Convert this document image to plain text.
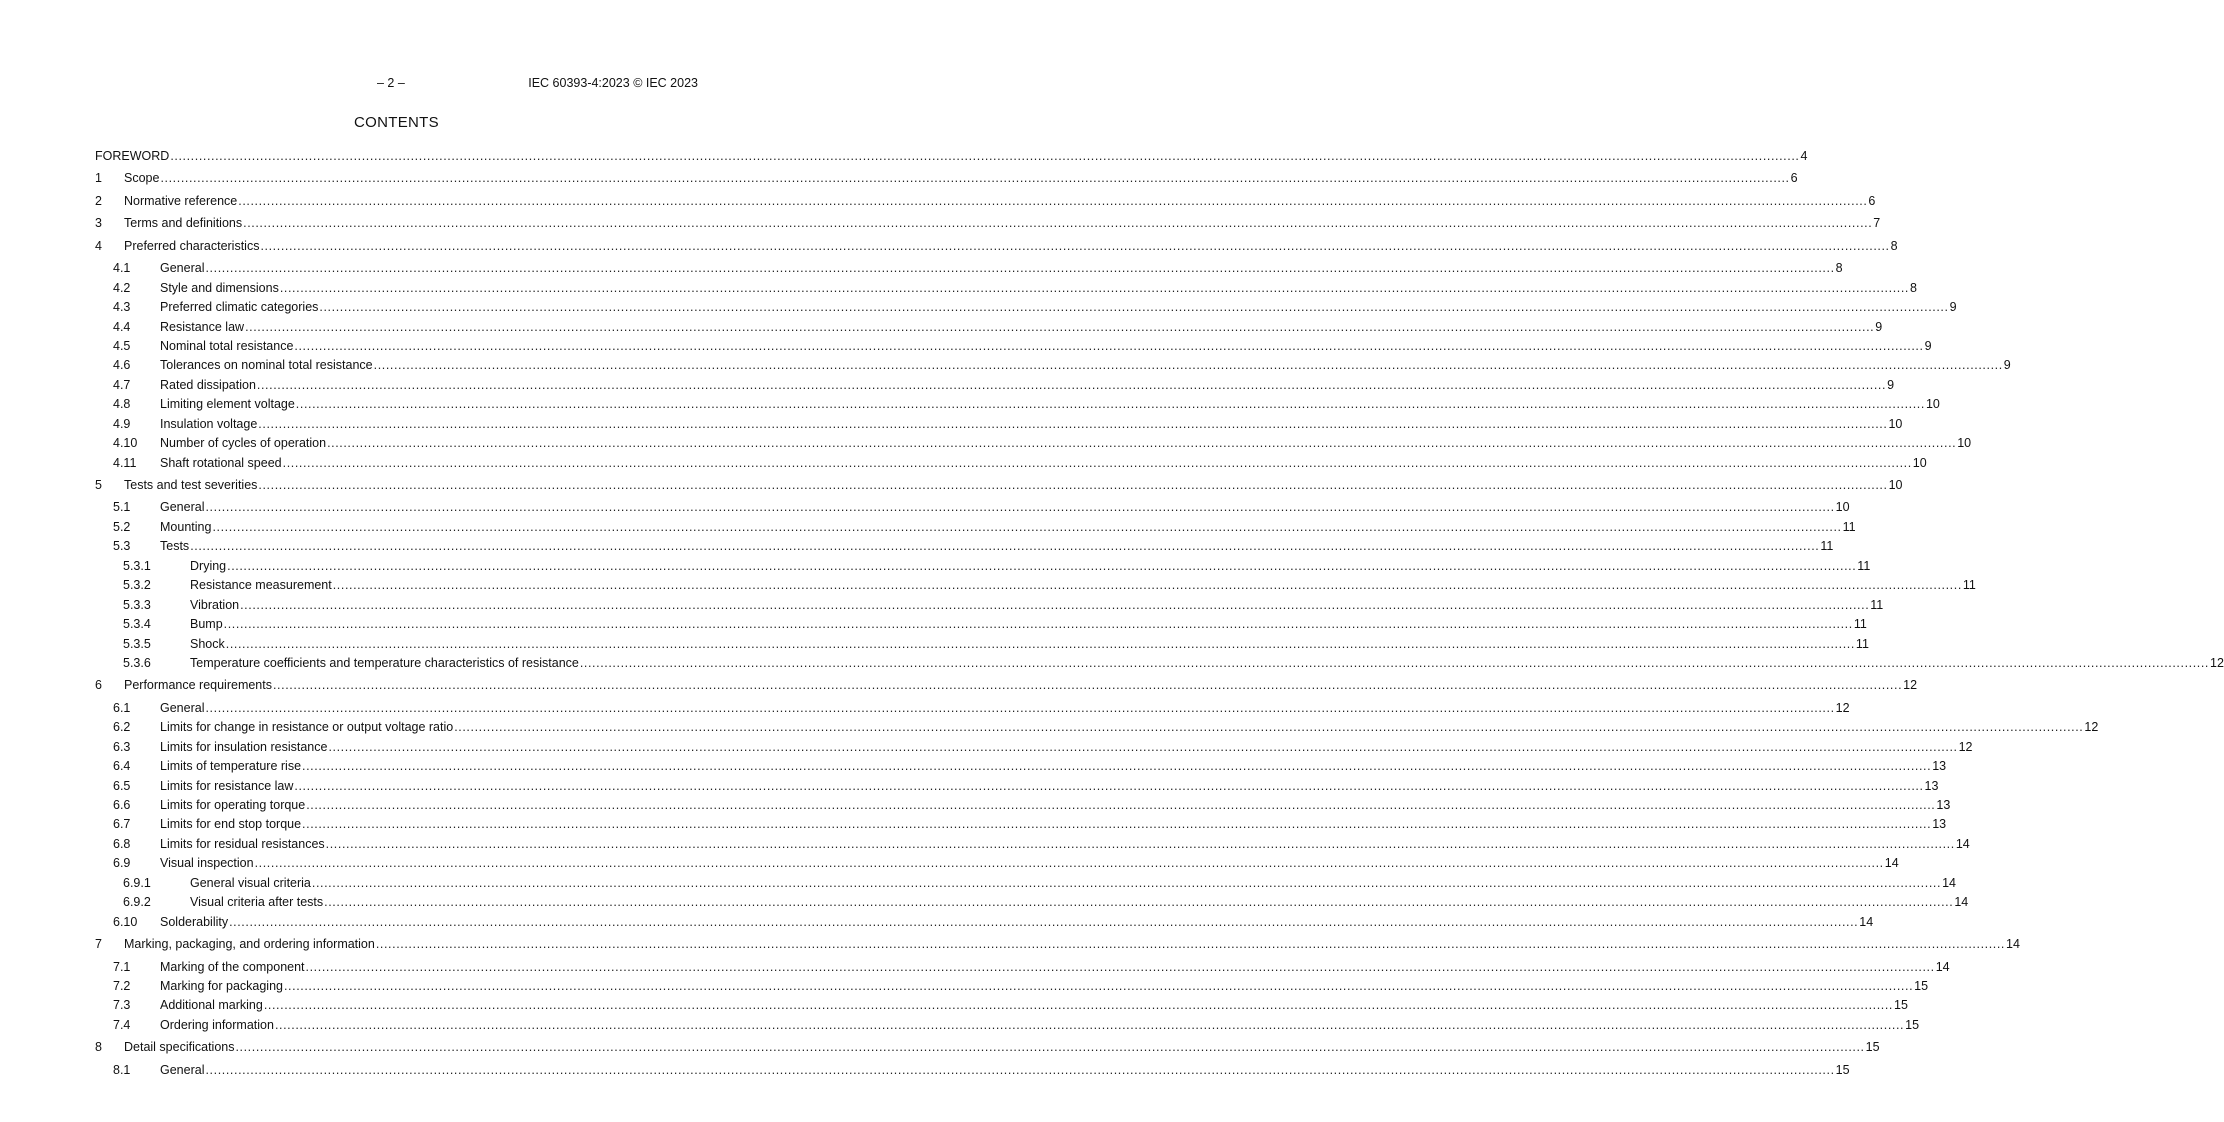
– 2 –	IEC 60393-4:2023 © IEC 2023
CONTENTS
FOREWORD ................................................................................................................................................................................................................................................................................................................................................................................................................ 4
1 Scope ................................................................................................................................................................................................................................................................................................................................................................................................................ 6
2 Normative reference ................................................................................................................................................................................................................................................................................................................................................................................................................ 6
3 Terms and definitions ................................................................................................................................................................................................................................................................................................................................................................................................................ 7
4 Preferred characteristics ................................................................................................................................................................................................................................................................................................................................................................................................................ 8
4.1 General ................................................................................................................................................................................................................................................................................................................................................................................................................ 8
4.2 Style and dimensions ................................................................................................................................................................................................................................................................................................................................................................................................................ 8
4.3 Preferred climatic categories ................................................................................................................................................................................................................................................................................................................................................................................................................ 9
4.4 Resistance law ................................................................................................................................................................................................................................................................................................................................................................................................................ 9
4.5 Nominal total resistance ................................................................................................................................................................................................................................................................................................................................................................................................................ 9
4.6 Tolerances on nominal total resistance ................................................................................................................................................................................................................................................................................................................................................................................................................ 9
4.7 Rated dissipation ................................................................................................................................................................................................................................................................................................................................................................................................................ 9
4.8 Limiting element voltage ................................................................................................................................................................................................................................................................................................................................................................................................................ 10
4.9 Insulation voltage ................................................................................................................................................................................................................................................................................................................................................................................................................ 10
4.10 Number of cycles of operation ................................................................................................................................................................................................................................................................................................................................................................................................................ 10
4.11 Shaft rotational speed ................................................................................................................................................................................................................................................................................................................................................................................................................ 10
5 Tests and test severities ................................................................................................................................................................................................................................................................................................................................................................................................................ 10
5.1 General ................................................................................................................................................................................................................................................................................................................................................................................................................ 10
5.2 Mounting ................................................................................................................................................................................................................................................................................................................................................................................................................ 11
5.3 Tests ................................................................................................................................................................................................................................................................................................................................................................................................................ 11
5.3.1	Drying ................................................................................................................................................................................................................................................................................................................................................................................................................ 11
5.3.2	Resistance measurement ................................................................................................................................................................................................................................................................................................................................................................................................................ 11
5.3.3	Vibration ................................................................................................................................................................................................................................................................................................................................................................................................................ 11
5.3.4	Bump ................................................................................................................................................................................................................................................................................................................................................................................................................ 11
5.3.5	Shock ................................................................................................................................................................................................................................................................................................................................................................................................................ 11
5.3.6	Temperature coefficients and temperature characteristics of resistance ................................................................................................................................................................................................................................................................................................................................................................................................................ 12
6 Performance requirements ................................................................................................................................................................................................................................................................................................................................................................................................................ 12
6.1 General ................................................................................................................................................................................................................................................................................................................................................................................................................ 12
6.2 Limits for change in resistance or output voltage ratio ................................................................................................................................................................................................................................................................................................................................................................................................................ 12
6.3 Limits for insulation resistance ................................................................................................................................................................................................................................................................................................................................................................................................................ 12
6.4 Limits of temperature rise ................................................................................................................................................................................................................................................................................................................................................................................................................ 13
6.5 Limits for resistance law ................................................................................................................................................................................................................................................................................................................................................................................................................ 13
6.6 Limits for operating torque ................................................................................................................................................................................................................................................................................................................................................................................................................ 13
6.7 Limits for end stop torque ................................................................................................................................................................................................................................................................................................................................................................................................................ 13
6.8 Limits for residual resistances ................................................................................................................................................................................................................................................................................................................................................................................................................ 14
6.9 Visual inspection ................................................................................................................................................................................................................................................................................................................................................................................................................ 14
6.9.1	General visual criteria ................................................................................................................................................................................................................................................................................................................................................................................................................ 14
6.9.2	Visual criteria after tests ................................................................................................................................................................................................................................................................................................................................................................................................................ 14
6.10 Solderability ................................................................................................................................................................................................................................................................................................................................................................................................................ 14
7 Marking, packaging, and ordering information ................................................................................................................................................................................................................................................................................................................................................................................................................ 14
7.1 Marking of the component ................................................................................................................................................................................................................................................................................................................................................................................................................ 14
7.2 Marking for packaging ................................................................................................................................................................................................................................................................................................................................................................................................................ 15
7.3 Additional marking ................................................................................................................................................................................................................................................................................................................................................................................................................ 15
7.4 Ordering information ................................................................................................................................................................................................................................................................................................................................................................................................................ 15
8 Detail specifications ................................................................................................................................................................................................................................................................................................................................................................................................................ 15
8.1 General ................................................................................................................................................................................................................................................................................................................................................................................................................ 15
